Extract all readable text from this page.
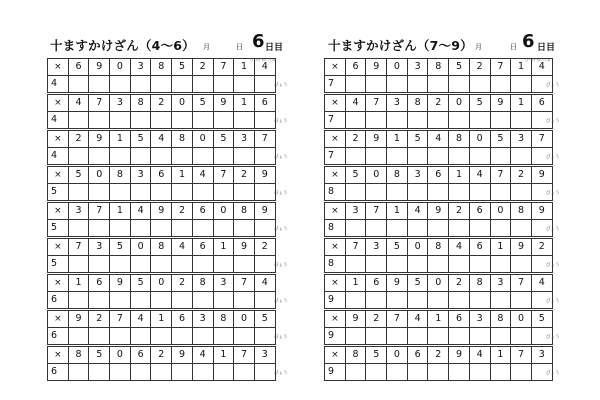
十ますかけざん（4～6） 月	日 6 日目
ひづけ かいてね
×	6	9	0	3	8	5	2	7	1	4
4											びょう
×	4	7	3	8	2	0	5	9	1	6
4											びょう
×	2	9	1	5	4	8	0	5	3	7
4											びょう
×	5	0	8	3	6	1	4	7	2	9
5											びょう
×	3	7	1	4	9	2	6	0	8	9
5											びょう
×	7	3	5	0	8	4	6	1	9	2
5											びょう
×	1	6	9	5	0	2	8	3	7	4
6											びょう
×	9	2	7	4	1	6	3	8	0	5
6											びょう
×	8	5	0	6	2	9	4	1	7	3
6											びょう
十ますかけざん（7～9） 月	日 6 日目
ひづけ かいてね
×	6	9	0	3	8	5	2	7	1	4
7											びょう
×	4	7	3	8	2	0	5	9	1	6
7											びょう
×	2	9	1	5	4	8	0	5	3	7
7											びょう
×	5	0	8	3	6	1	4	7	2	9
8											びょう
×	3	7	1	4	9	2	6	0	8	9
8											びょう
×	7	3	5	0	8	4	6	1	9	2
8											びょう
×	1	6	9	5	0	2	8	3	7	4
9											びょう
×	9	2	7	4	1	6	3	8	0	5
9											びょう
×	8	5	0	6	2	9	4	1	7	3
9											びょう
